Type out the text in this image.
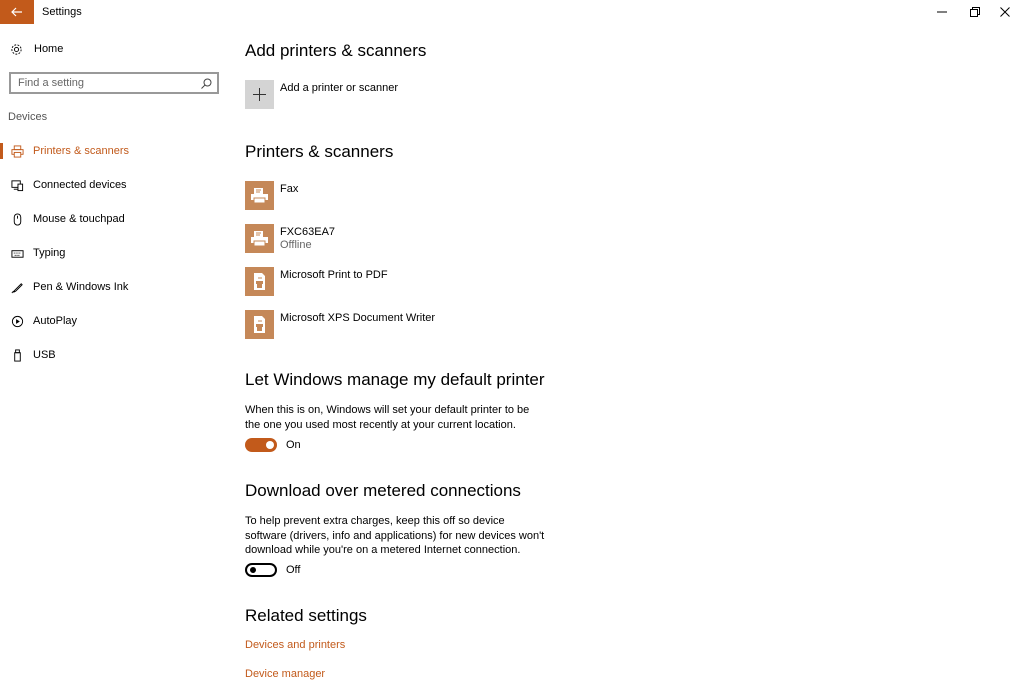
Settings
Home
Find a setting
Devices
Printers & scanners
Connected devices
Mouse & touchpad
Typing
Pen & Windows Ink
AutoPlay
USB
Add printers & scanners
Add a printer or scanner
Printers & scanners
Fax
FXC63EA7
Offline
Microsoft Print to PDF
Microsoft XPS Document Writer
Let Windows manage my default printer

When this is on, Windows will set your default printer to be the one you used most recently at your current location.

On
Download over metered connections

To help prevent extra charges, keep this off so device software (drivers, info and applications) for new devices won't download while you're on a metered Internet connection.

Off
Related settings
Devices and printers
Device manager
